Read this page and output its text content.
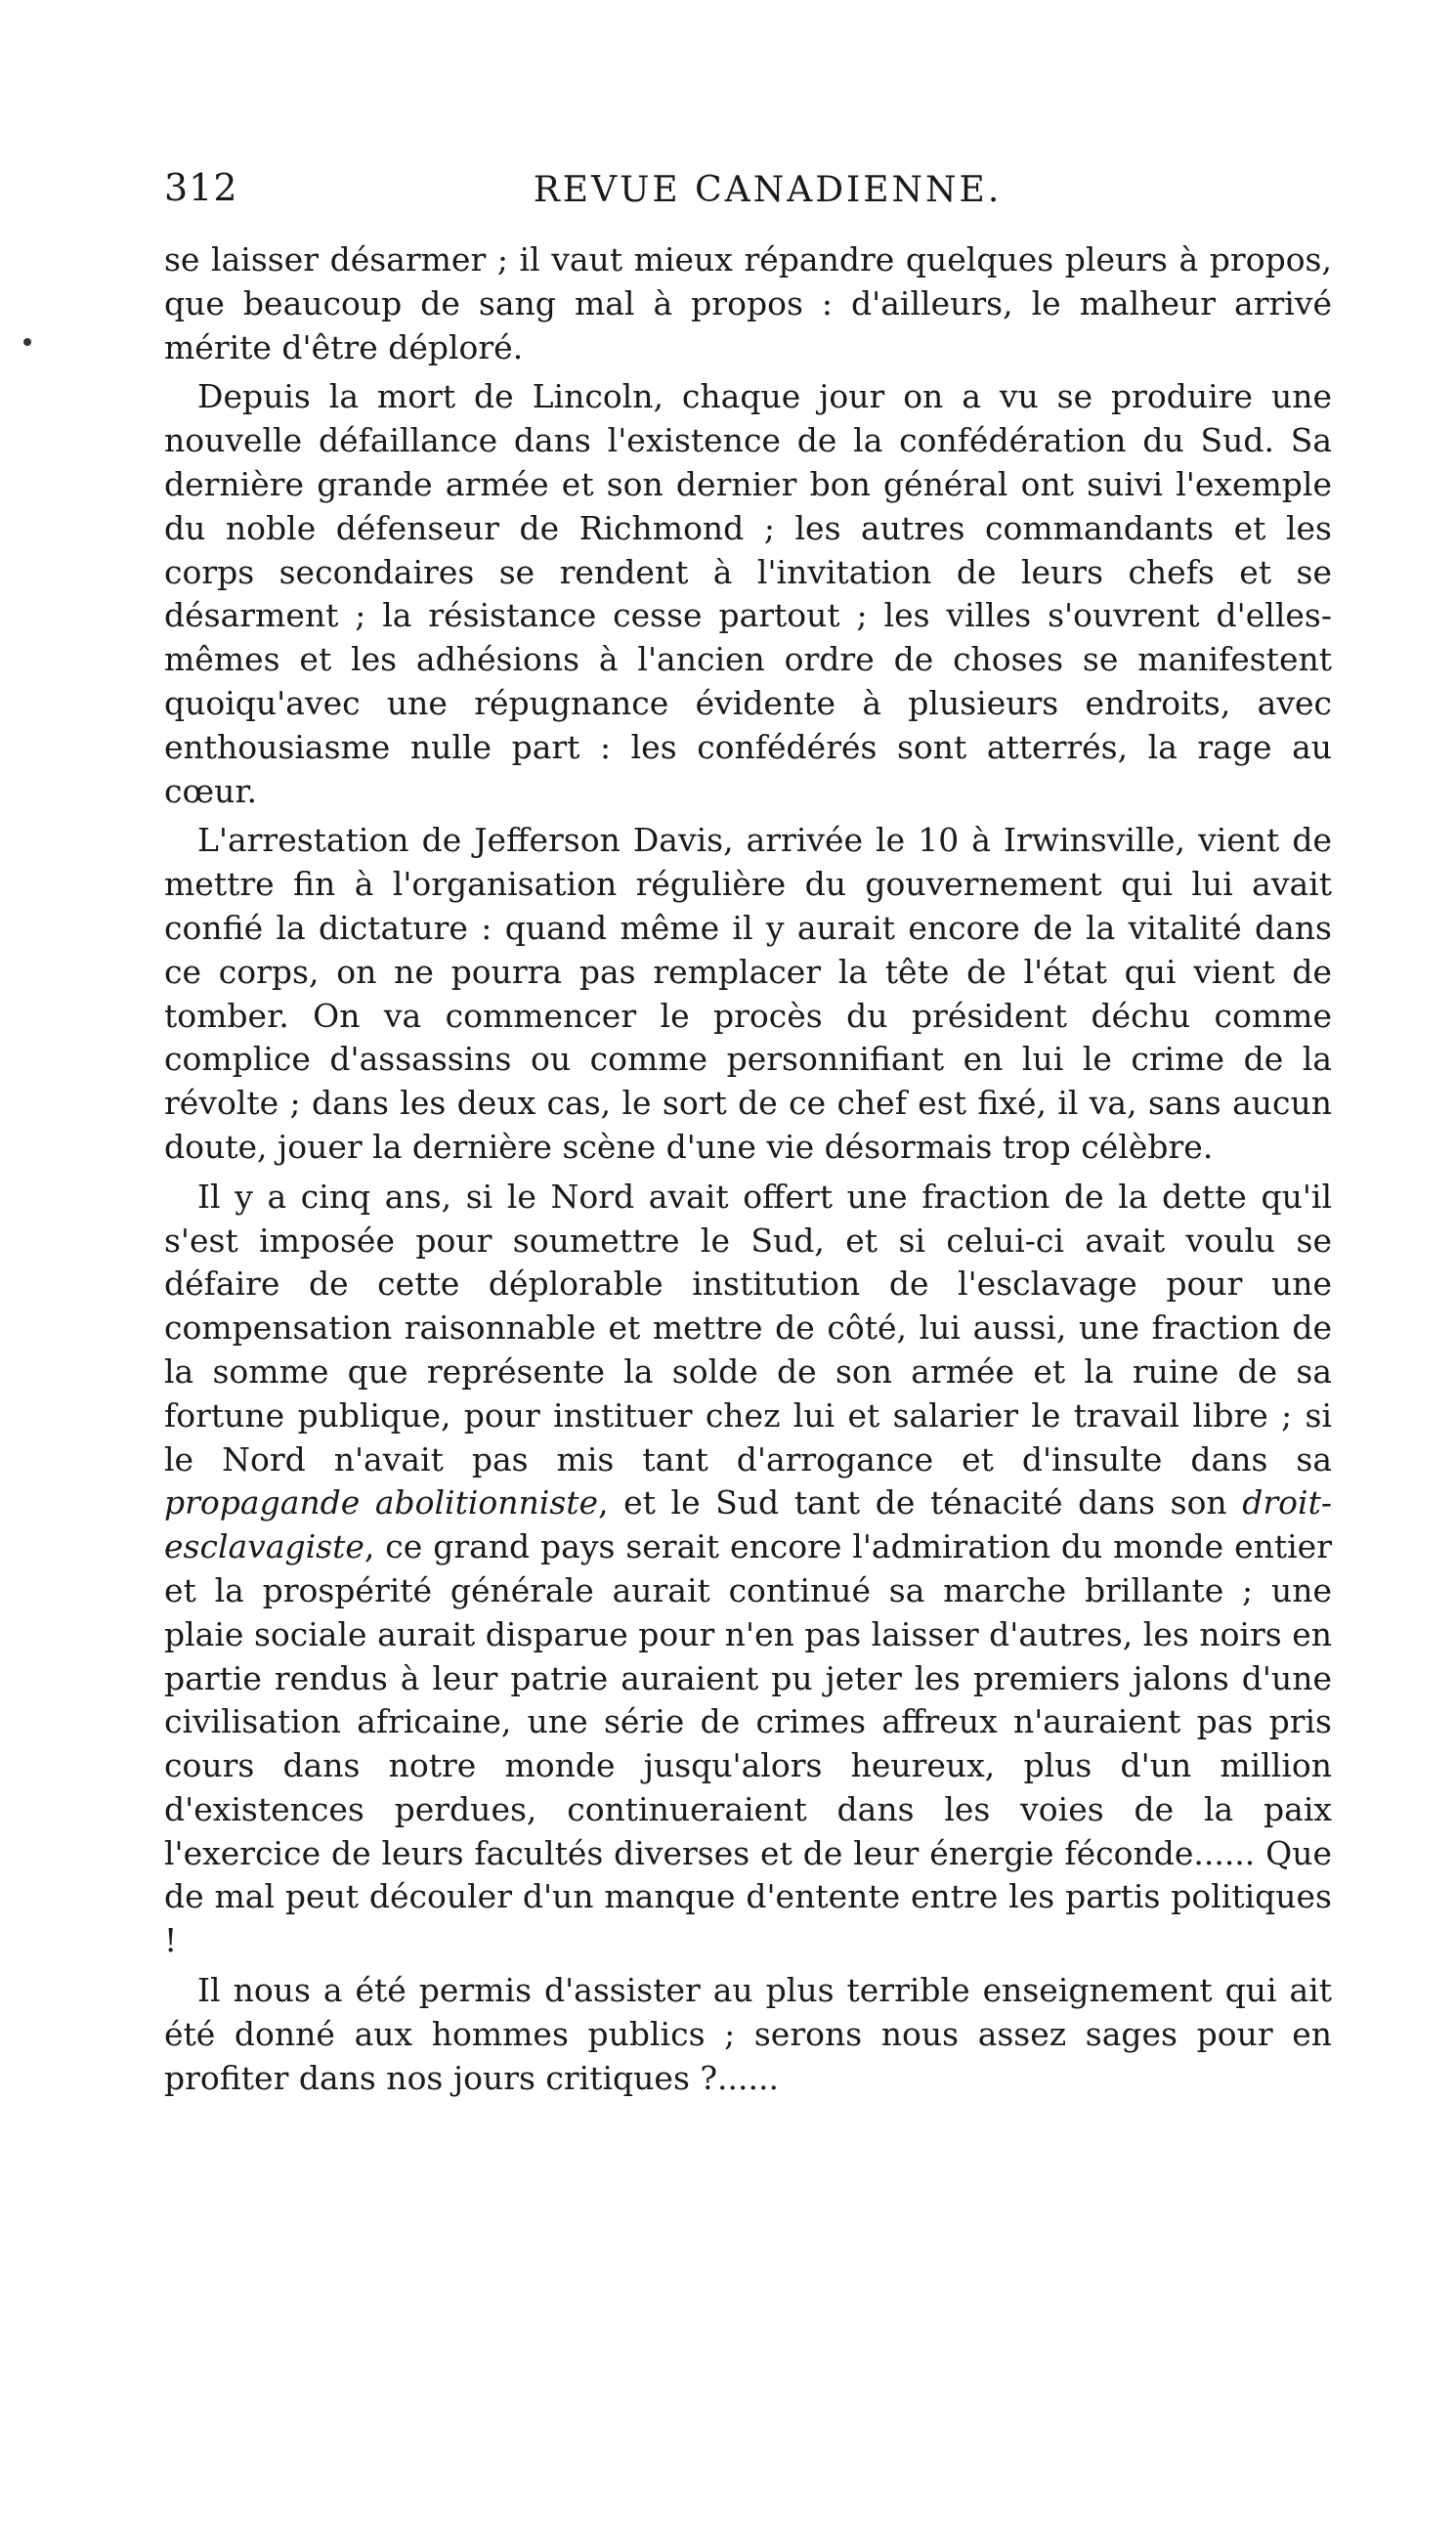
312	REVUE CANADIENNE.

se laisser désarmer ; il vaut mieux répandre quelques pleurs à propos, que beaucoup de sang mal à propos : d'ailleurs, le malheur arrivé mérite d'être déploré.

Depuis la mort de Lincoln, chaque jour on a vu se produire une nouvelle défaillance dans l'existence de la confédération du Sud. Sa dernière grande armée et son dernier bon général ont suivi l'exemple du noble défenseur de Richmond ; les autres commandants et les corps secondaires se rendent à l'invitation de leurs chefs et se désarment ; la résistance cesse partout ; les villes s'ouvrent d'elles-mêmes et les adhésions à l'ancien ordre de choses se manifestent quoiqu'avec une répugnance évidente à plusieurs endroits, avec enthousiasme nulle part : les confédérés sont atterrés, la rage au cœur.

L'arrestation de Jefferson Davis, arrivée le 10 à Irwinsville, vient de mettre fin à l'organisation régulière du gouvernement qui lui avait confié la dictature : quand même il y aurait encore de la vitalité dans ce corps, on ne pourra pas remplacer la tête de l'état qui vient de tomber. On va commencer le procès du président déchu comme complice d'assassins ou comme personnifiant en lui le crime de la révolte ; dans les deux cas, le sort de ce chef est fixé, il va, sans aucun doute, jouer la dernière scène d'une vie désormais trop célèbre.

Il y a cinq ans, si le Nord avait offert une fraction de la dette qu'il s'est imposée pour soumettre le Sud, et si celui-ci avait voulu se défaire de cette déplorable institution de l'esclavage pour une compensation raisonnable et mettre de côté, lui aussi, une fraction de la somme que représente la solde de son armée et la ruine de sa fortune publique, pour instituer chez lui et salarier le travail libre ; si le Nord n'avait pas mis tant d'arrogance et d'insulte dans sa propagande abolitionniste, et le Sud tant de ténacité dans son droit-esclavagiste, ce grand pays serait encore l'admiration du monde entier et la prospérité générale aurait continué sa marche brillante ; une plaie sociale aurait disparue pour n'en pas laisser d'autres, les noirs en partie rendus à leur patrie auraient pu jeter les premiers jalons d'une civilisation africaine, une série de crimes affreux n'auraient pas pris cours dans notre monde jusqu'alors heureux, plus d'un million d'existences perdues, continueraient dans les voies de la paix l'exercice de leurs facultés diverses et de leur énergie féconde...... Que de mal peut découler d'un manque d'entente entre les partis politiques !

Il nous a été permis d'assister au plus terrible enseignement qui ait été donné aux hommes publics ; serons nous assez sages pour en profiter dans nos jours critiques ?......
